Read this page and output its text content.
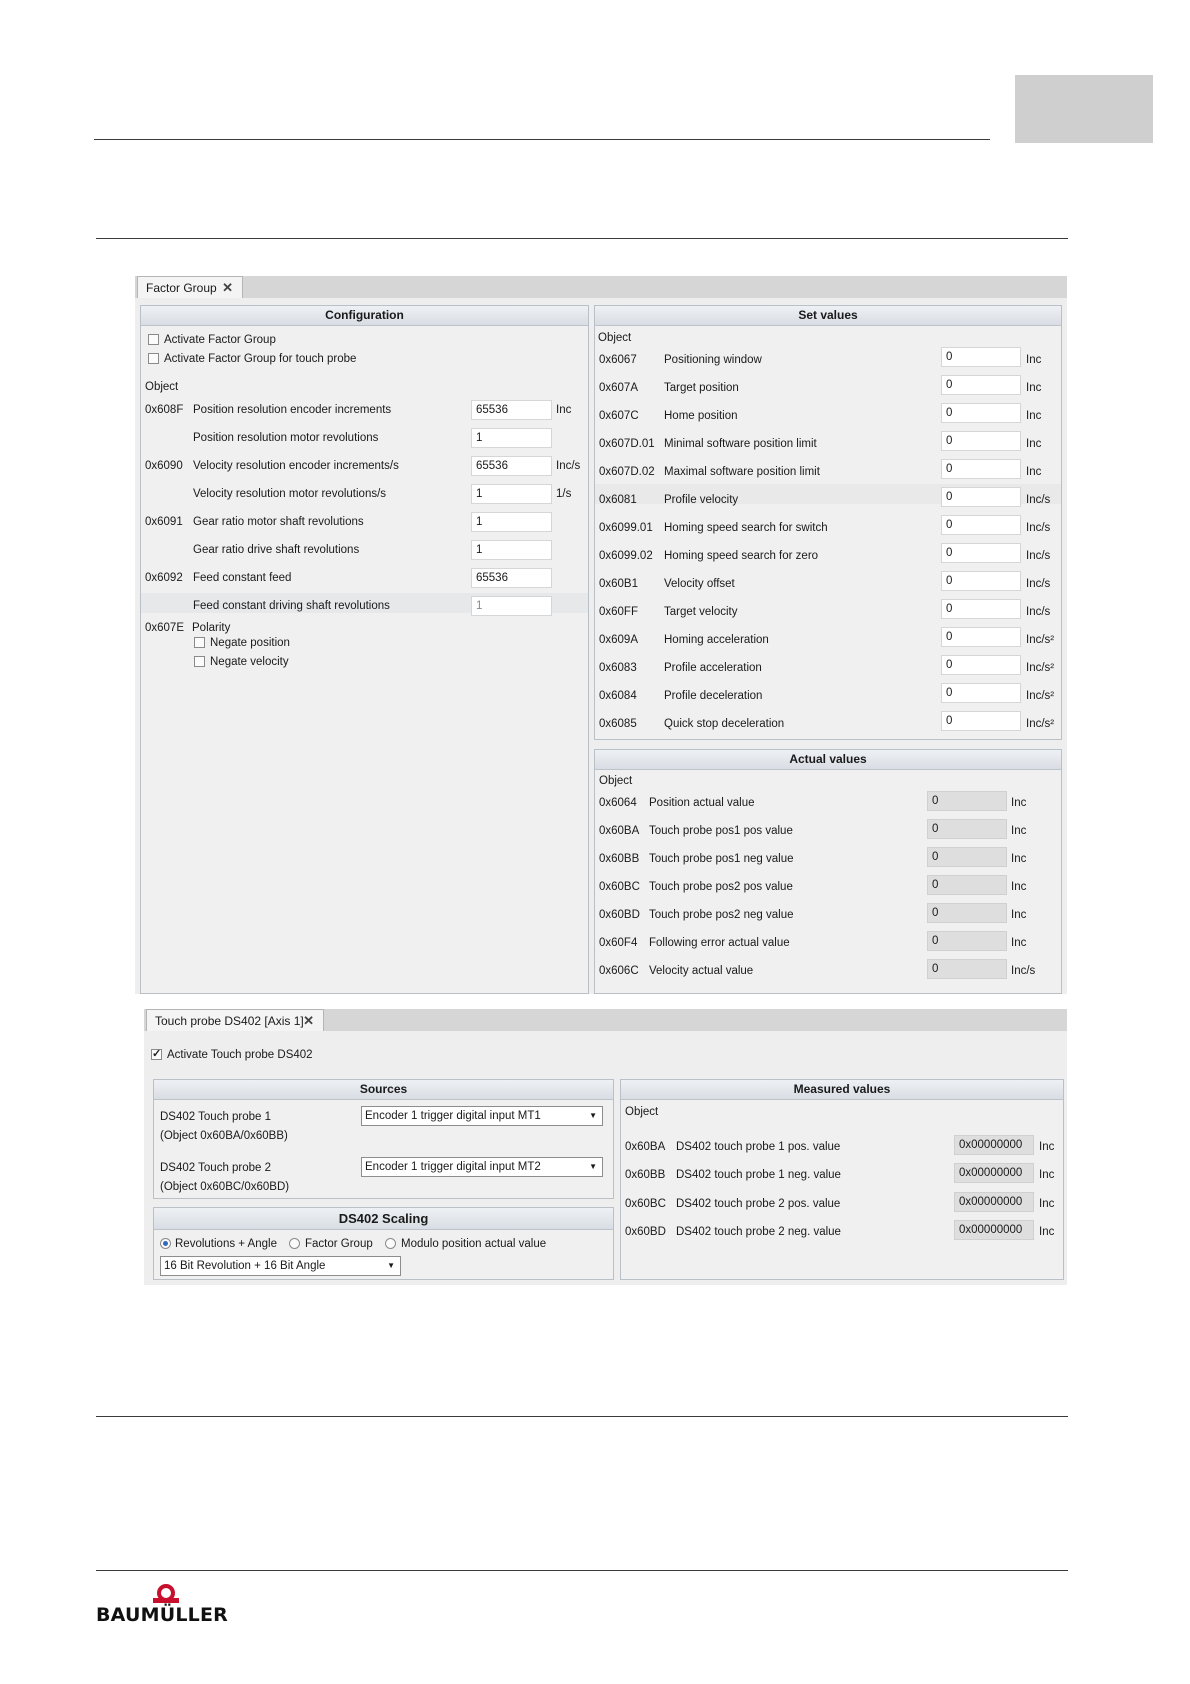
Factor Group ✕
Configuration
Activate Factor Group
Activate Factor Group for touch probe
Object
0x608F Position resolution encoder increments	65536	Inc
Position resolution motor revolutions	1
0x6090 Velocity resolution encoder increments/s	65536	Inc/s
Velocity resolution motor revolutions/s	1	1/s
0x6091 Gear ratio motor shaft revolutions	1
Gear ratio drive shaft revolutions	1
0x6092 Feed constant feed	65536
Feed constant driving shaft revolutions	1
0x607E Polarity
Negate position
Negate velocity
Set values
Object
0x6067 Positioning window	0	Inc
0x607A Target position	0	Inc
0x607C Home position	0	Inc
0x607D.01 Minimal software position limit	0	Inc
0x607D.02 Maximal software position limit	0	Inc
0x6081 Profile velocity	0	Inc/s
0x6099.01 Homing speed search for switch	0	Inc/s
0x6099.02 Homing speed search for zero	0	Inc/s
0x60B1 Velocity offset	0	Inc/s
0x60FF Target velocity	0	Inc/s
0x609A Homing acceleration	0	Inc/s²
0x6083 Profile acceleration	0	Inc/s²
0x6084 Profile deceleration	0	Inc/s²
0x6085 Quick stop deceleration	0	Inc/s²
Actual values
Object
0x6064 Position actual value	0	Inc
0x60BA Touch probe pos1 pos value	0	Inc
0x60BB Touch probe pos1 neg value	0	Inc
0x60BC Touch probe pos2 pos value	0	Inc
0x60BD Touch probe pos2 neg value	0	Inc
0x60F4 Following error actual value	0	Inc
0x606C Velocity actual value	0	Inc/s
Touch probe DS402 [Axis 1] ✕
✓
Activate Touch probe DS402
Sources
DS402 Touch probe 1
(Object 0x60BA/0x60BB)
Encoder 1 trigger digital input MT1	▼
DS402 Touch probe 2
(Object 0x60BC/0x60BD)
Encoder 1 trigger digital input MT2	▼
DS402 Scaling
Revolutions + Angle Factor Group Modulo position actual value
16 Bit Revolution + 16 Bit Angle	▼
Measured values
Object
0x60BA DS402 touch probe 1 pos. value	0x00000000	Inc
0x60BB DS402 touch probe 1 neg. value	0x00000000	Inc
0x60BC DS402 touch probe 2 pos. value	0x00000000	Inc
0x60BD DS402 touch probe 2 neg. value	0x00000000	Inc
BAUMÜLLER
